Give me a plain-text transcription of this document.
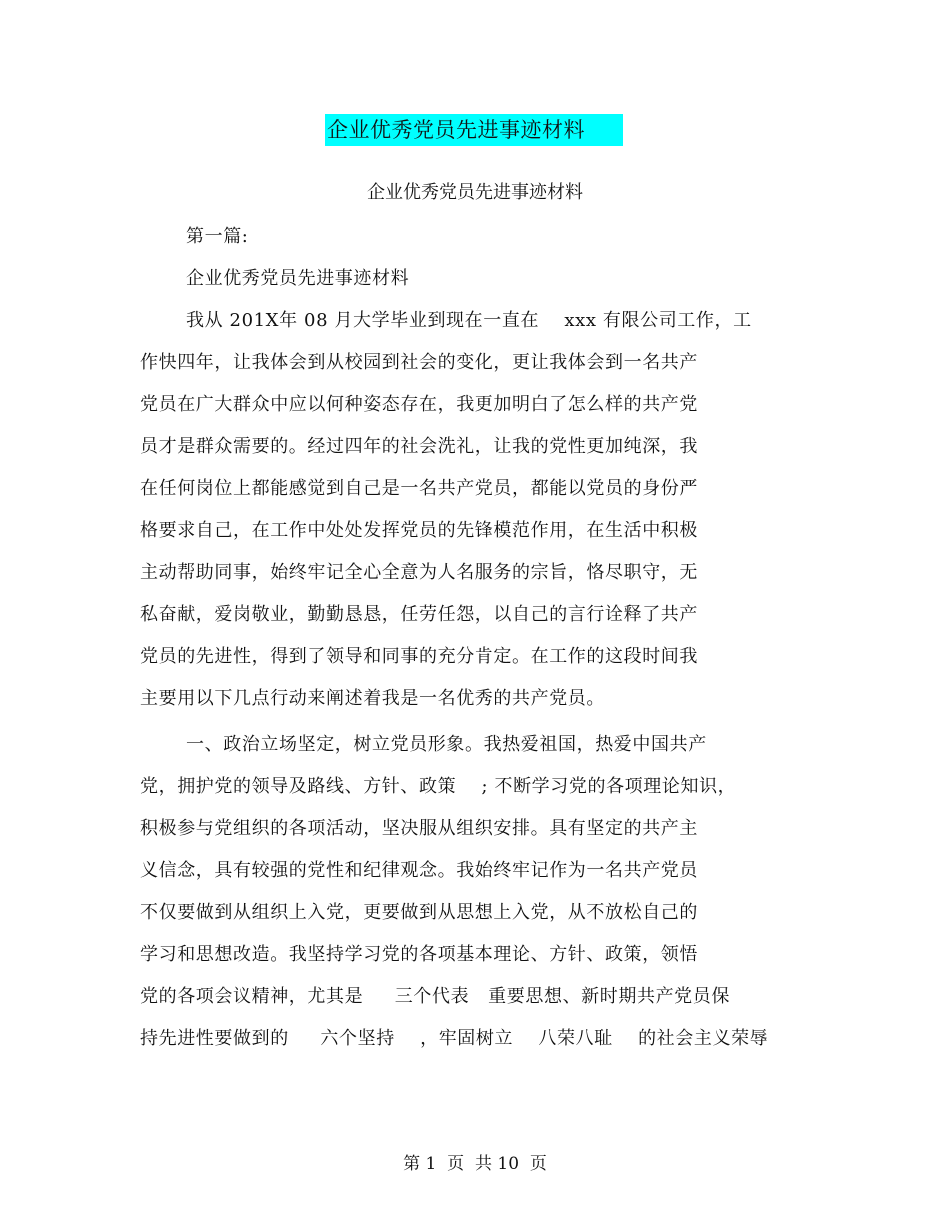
企业优秀党员先进事迹材料
企业优秀党员先进事迹材料
第一篇:
企业优秀党员先进事迹材料
我从 201X年 08 月大学毕业到现在一直在    xxx 有限公司工作，工
作快四年，让我体会到从校园到社会的变化，更让我体会到一名共产
党员在广大群众中应以何种姿态存在，我更加明白了怎么样的共产党
员才是群众需要的。经过四年的社会洗礼，让我的党性更加纯深，我
在任何岗位上都能感觉到自己是一名共产党员，都能以党员的身份严
格要求自己，在工作中处处发挥党员的先锋模范作用，在生活中积极
主动帮助同事，始终牢记全心全意为人名服务的宗旨，恪尽职守，无
私奋献，爱岗敬业，勤勤恳恳，任劳任怨，以自己的言行诠释了共产
党员的先进性，得到了领导和同事的充分肯定。在工作的这段时间我
主要用以下几点行动来阐述着我是一名优秀的共产党员。
一、政治立场坚定，树立党员形象。我热爱祖国，热爱中国共产
党，拥护党的领导及路线、方针、政策    ; 不断学习党的各项理论知识，
积极参与党组织的各项活动，坚决服从组织安排。具有坚定的共产主
义信念，具有较强的党性和纪律观念。我始终牢记作为一名共产党员
不仅要做到从组织上入党，更要做到从思想上入党，从不放松自己的
学习和思想改造。我坚持学习党的各项基本理论、方针、政策，领悟
党的各项会议精神，尤其是     三个代表   重要思想、新时期共产党员保
持先进性要做到的     六个坚持    ，牢固树立    八荣八耻    的社会主义荣辱
第 1  页  共 10  页
